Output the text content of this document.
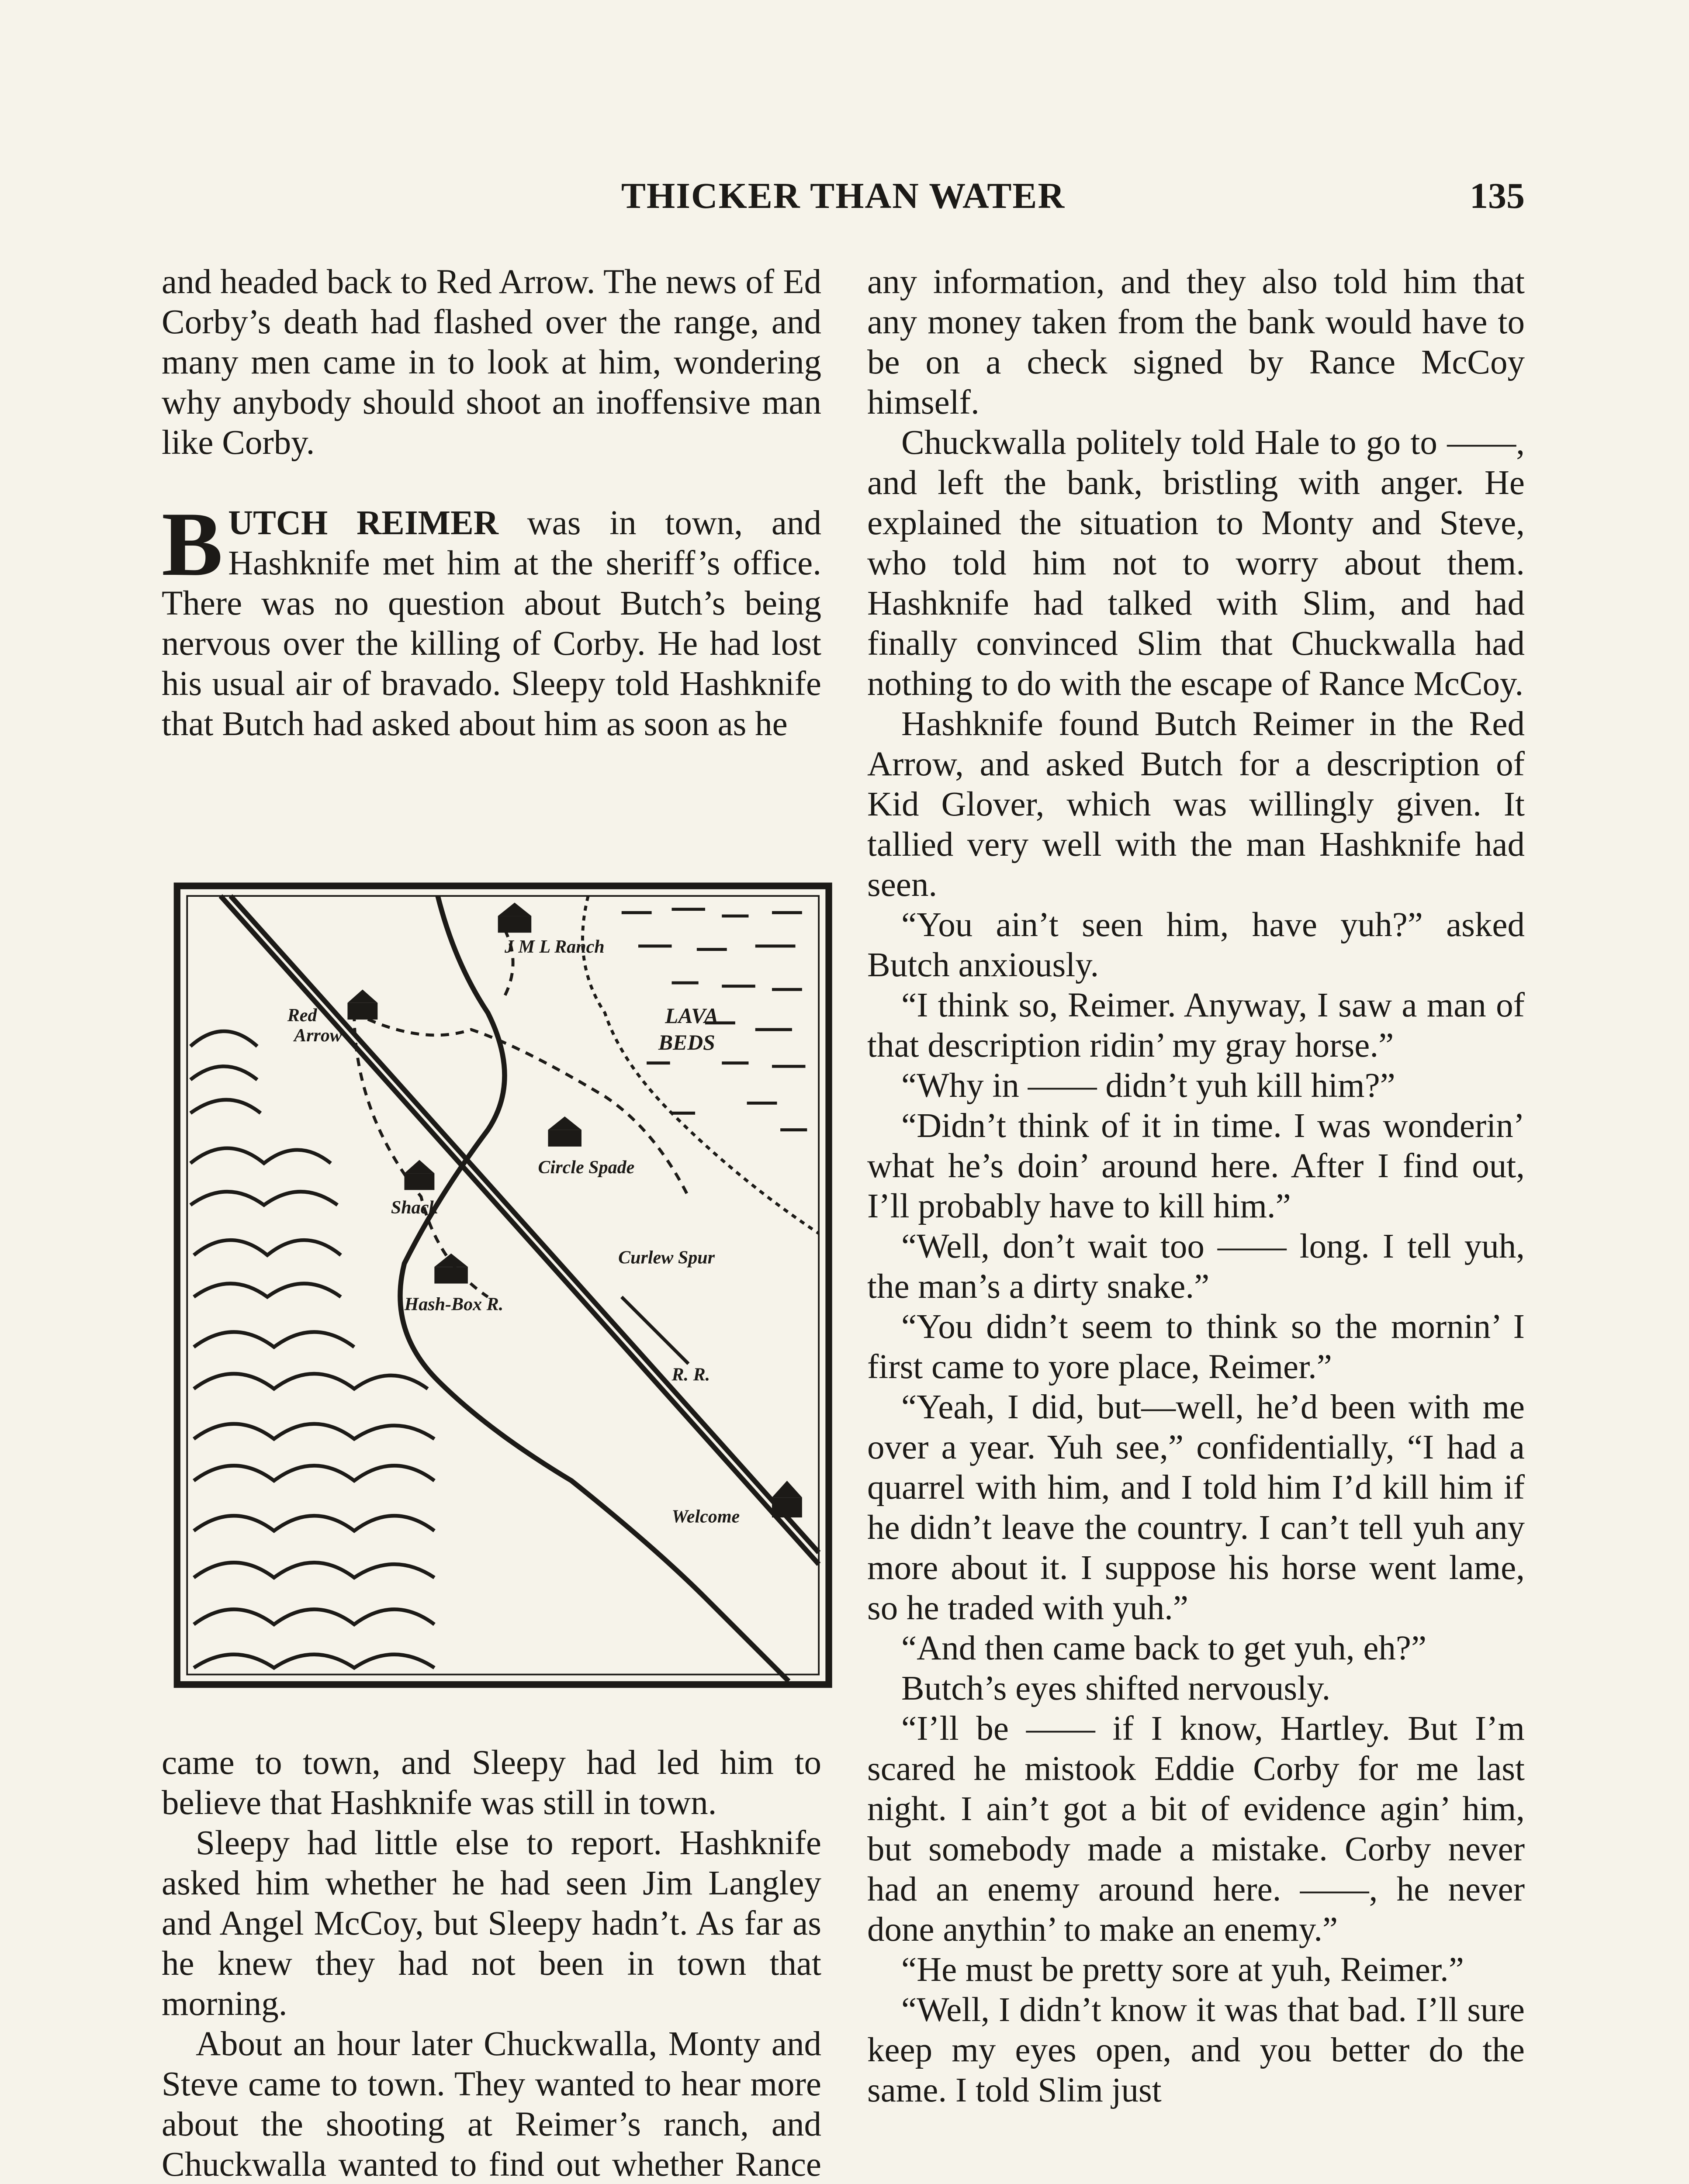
THICKER THAN WATER	135

and headed back to Red Arrow. The news of Ed Corby’s death had flashed over the range, and many men came in to look at him, wondering why anybody should shoot an inoffensive man like Corby.

BUTCH REIMER was in town, and Hashknife met him at the sheriff’s office. There was no question about Butch’s being nervous over the killing of Corby. He had lost his usual air of bravado. Sleepy told Hashknife that Butch had asked about him as soon as he

J M L Ranch
Red
Arrow
LAVA
BEDS
Circle Spade
Shack
Curlew Spur
Hash-Box R.
R. R.
Welcome

came to town, and Sleepy had led him to believe that Hashknife was still in town.

Sleepy had little else to report. Hashknife asked him whether he had seen Jim Langley and Angel McCoy, but Sleepy hadn’t. As far as he knew they had not been in town that morning.

About an hour later Chuckwalla, Monty and Steve came to town. They wanted to hear more about the shooting at Reimer’s ranch, and Chuckwalla wanted to find out whether Rance

any information, and they also told him that any money taken from the bank would have to be on a check signed by Rance McCoy himself.

Chuckwalla politely told Hale to go to ——, and left the bank, bristling with anger. He explained the situation to Monty and Steve, who told him not to worry about them. Hashknife had talked with Slim, and had finally convinced Slim that Chuckwalla had nothing to do with the escape of Rance McCoy.

Hashknife found Butch Reimer in the Red Arrow, and asked Butch for a description of Kid Glover, which was willingly given. It tallied very well with the man Hashknife had seen.

“You ain’t seen him, have yuh?” asked Butch anxiously.

“I think so, Reimer. Anyway, I saw a man of that description ridin’ my gray horse.”

“Why in —— didn’t yuh kill him?”

“Didn’t think of it in time. I was wonderin’ what he’s doin’ around here. After I find out, I’ll probably have to kill him.”

“Well, don’t wait too —— long. I tell yuh, the man’s a dirty snake.”

“You didn’t seem to think so the mornin’ I first came to yore place, Reimer.”

“Yeah, I did, but—well, he’d been with me over a year. Yuh see,” confidentially, “I had a quarrel with him, and I told him I’d kill him if he didn’t leave the country. I can’t tell yuh any more about it. I suppose his horse went lame, so he traded with yuh.”

“And then came back to get yuh, eh?”

Butch’s eyes shifted nervously.

“I’ll be —— if I know, Hartley. But I’m scared he mistook Eddie Corby for me last night. I ain’t got a bit of evidence agin’ him, but somebody made a mistake. Corby never had an enemy around here. ——, he never done anythin’ to make an enemy.”

“He must be pretty sore at yuh, Reimer.”

“Well, I didn’t know it was that bad. I’ll sure keep my eyes open, and you better do the same. I told Slim just
